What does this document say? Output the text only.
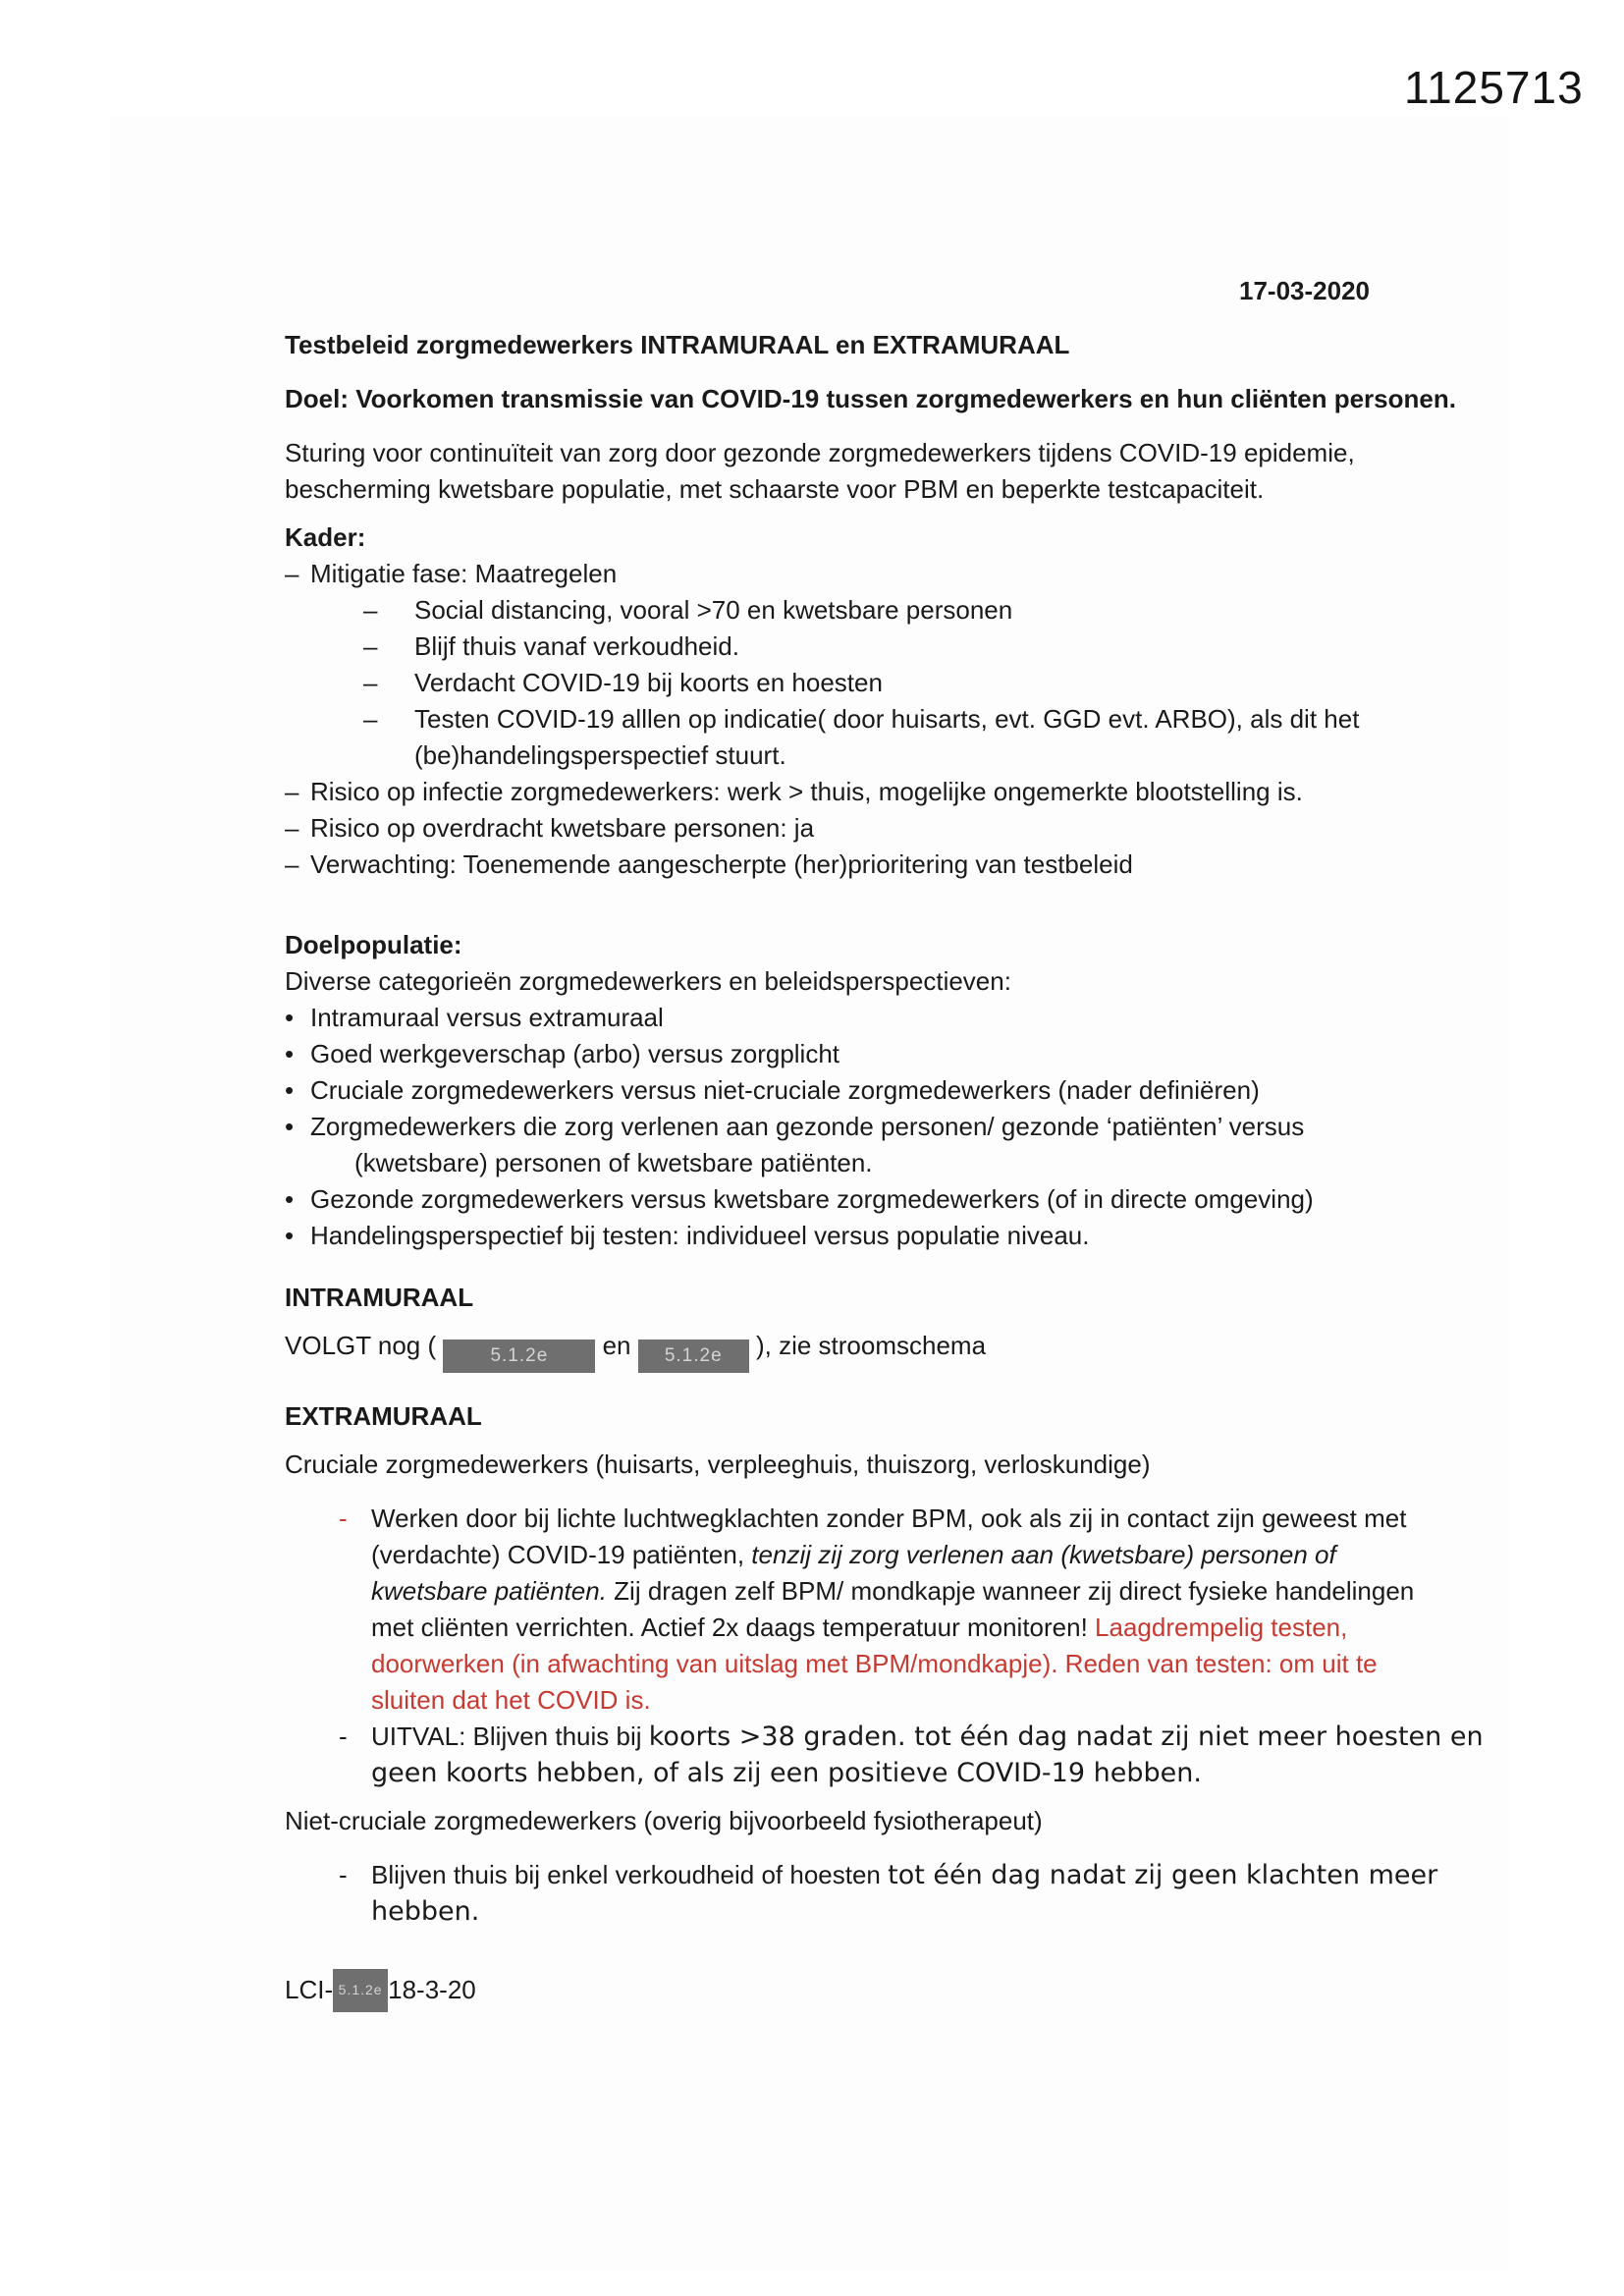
1125713
17-03-2020
Testbeleid zorgmedewerkers INTRAMURAAL en EXTRAMURAAL
Doel: Voorkomen transmissie van COVID-19 tussen zorgmedewerkers en hun cliënten personen.
Sturing voor continuïteit van zorg door gezonde zorgmedewerkers tijdens COVID-19 epidemie,
bescherming kwetsbare populatie, met schaarste voor PBM en beperkte testcapaciteit.
Kader:
– Mitigatie fase: Maatregelen
–	Social distancing, vooral >70 en kwetsbare personen
–	Blijf thuis vanaf verkoudheid.
–	Verdacht COVID-19 bij koorts en hoesten
–	Testen COVID-19 alllen op indicatie( door huisarts, evt. GGD evt. ARBO), als dit het
(be)handelingsperspectief stuurt.
– Risico op infectie zorgmedewerkers: werk > thuis, mogelijke ongemerkte blootstelling is.
– Risico op overdracht kwetsbare personen: ja
– Verwachting: Toenemende aangescherpte (her)prioritering van testbeleid
Doelpopulatie:
Diverse categorieën zorgmedewerkers en beleidsperspectieven:
• Intramuraal versus extramuraal
• Goed werkgeverschap (arbo) versus zorgplicht
• Cruciale zorgmedewerkers versus niet-cruciale zorgmedewerkers (nader definiëren)
• Zorgmedewerkers die zorg verlenen aan gezonde personen/ gezonde ‘patiënten’ versus
(kwetsbare) personen of kwetsbare patiënten.
• Gezonde zorgmedewerkers versus kwetsbare zorgmedewerkers (of in directe omgeving)
• Handelingsperspectief bij testen: individueel versus populatie niveau.
INTRAMURAAL
VOLGT nog (	5.1.2e en 5.1.2e ), zie stroomschema
EXTRAMURAAL
Cruciale zorgmedewerkers (huisarts, verpleeghuis, thuiszorg, verloskundige)
- Werken door bij lichte luchtwegklachten zonder BPM, ook als zij in contact zijn geweest met
(verdachte) COVID-19 patiënten, tenzij zij zorg verlenen aan (kwetsbare) personen of
kwetsbare patiënten. Zij dragen zelf BPM/ mondkapje wanneer zij direct fysieke handelingen
met cliënten verrichten. Actief 2x daags temperatuur monitoren! Laagdrempelig testen,
doorwerken (in afwachting van uitslag met BPM/mondkapje). Reden van testen: om uit te
sluiten dat het COVID is.
- UITVAL: Blijven thuis bij koorts >38 graden. tot één dag nadat zij niet meer hoesten en
geen koorts hebben, of als zij een positieve COVID-19 hebben.
Niet-cruciale zorgmedewerkers (overig bijvoorbeeld fysiotherapeut)
- Blijven thuis bij enkel verkoudheid of hoesten tot één dag nadat zij geen klachten meer
hebben.
LCI- 5.1.2e 18-3-20
